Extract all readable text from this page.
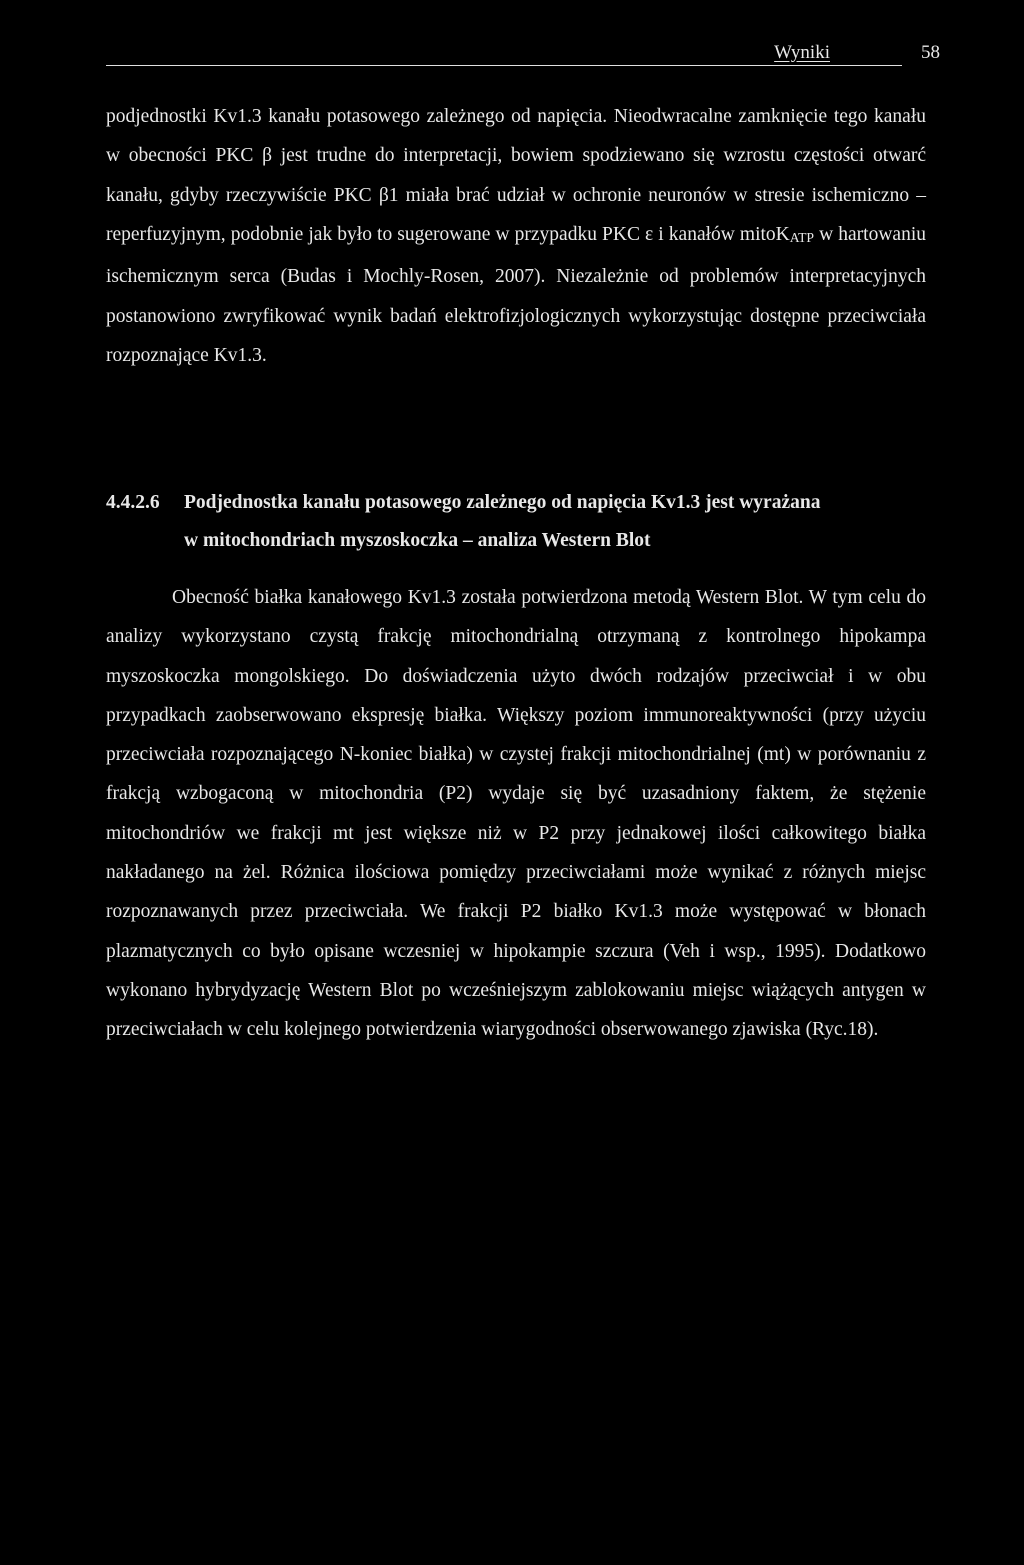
Wyniki	58

podjednostki Kv1.3 kanału potasowego zależnego od napięcia. Nieodwracalne zamknięcie tego kanału w obecności PKC β jest trudne do interpretacji, bowiem spodziewano się wzrostu częstości otwarć kanału, gdyby rzeczywiście PKC β1 miała brać udział w ochronie neuronów w stresie ischemiczno – reperfuzyjnym, podobnie jak było to sugerowane w przypadku PKC ε i kanałów mitoK$_{ATP}$ w hartowaniu ischemicznym serca (Budas i Mochly-Rosen, 2007). Niezależnie od problemów interpretacyjnych postanowiono zwryfikować wynik badań elektrofizjologicznych wykorzystując dostępne przeciwciała rozpoznające Kv1.3.

4.4.2.6 Podjednostka kanału potasowego zależnego od napięcia Kv1.3 jest wyrażana
w mitochondriach myszoskoczka – analiza Western Blot

Obecność białka kanałowego Kv1.3 została potwierdzona metodą Western Blot. W tym celu do analizy wykorzystano czystą frakcję mitochondrialną otrzymaną z kontrolnego hipokampa myszoskoczka mongolskiego. Do doświadczenia użyto dwóch rodzajów przeciwciał i w obu przypadkach zaobserwowano ekspresję białka. Większy poziom immunoreaktywności (przy użyciu przeciwciała rozpoznającego N-koniec białka) w czystej frakcji mitochondrialnej (mt) w porównaniu z frakcją wzbogaconą w mitochondria (P2) wydaje się być uzasadniony faktem, że stężenie mitochondriów we frakcji mt jest większe niż w P2 przy jednakowej ilości całkowitego białka nakładanego na żel. Różnica ilościowa pomiędzy przeciwciałami może wynikać z różnych miejsc rozpoznawanych przez przeciwciała. We frakcji P2 białko Kv1.3 może występować w błonach plazmatycznych co było opisane wczesniej w hipokampie szczura (Veh i wsp., 1995). Dodatkowo wykonano hybrydyzację Western Blot po wcześniejszym zablokowaniu miejsc wiążących antygen w przeciwciałach w celu kolejnego potwierdzenia wiarygodności obserwowanego zjawiska (Ryc.18).
